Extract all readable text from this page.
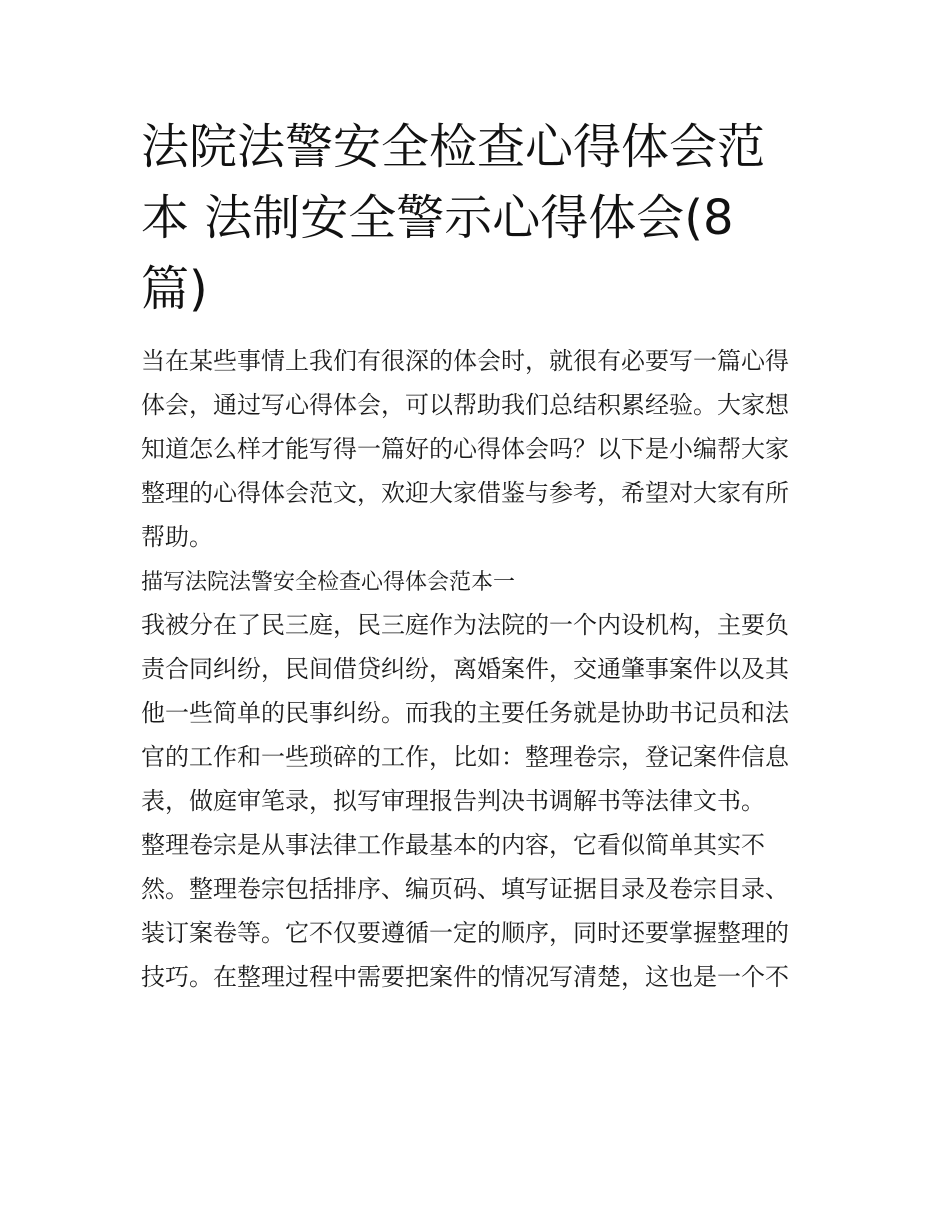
法院法警安全检查心得体会范
本 法制安全警示心得体会(8
篇)

当在某些事情上我们有很深的体会时，就很有必要写一篇心得
体会，通过写心得体会，可以帮助我们总结积累经验。大家想
知道怎么样才能写得一篇好的心得体会吗？以下是小编帮大家
整理的心得体会范文，欢迎大家借鉴与参考，希望对大家有所
帮助。

描写法院法警安全检查心得体会范本一

我被分在了民三庭，民三庭作为法院的一个内设机构，主要负
责合同纠纷，民间借贷纠纷，离婚案件，交通肇事案件以及其
他一些简单的民事纠纷。而我的主要任务就是协助书记员和法
官的工作和一些琐碎的工作，比如：整理卷宗，登记案件信息
表，做庭审笔录，拟写审理报告判决书调解书等法律文书。

整理卷宗是从事法律工作最基本的内容，它看似简单其实不
然。整理卷宗包括排序、编页码、填写证据目录及卷宗目录、
装订案卷等。它不仅要遵循一定的顺序，同时还要掌握整理的
技巧。在整理过程中需要把案件的情况写清楚，这也是一个不
